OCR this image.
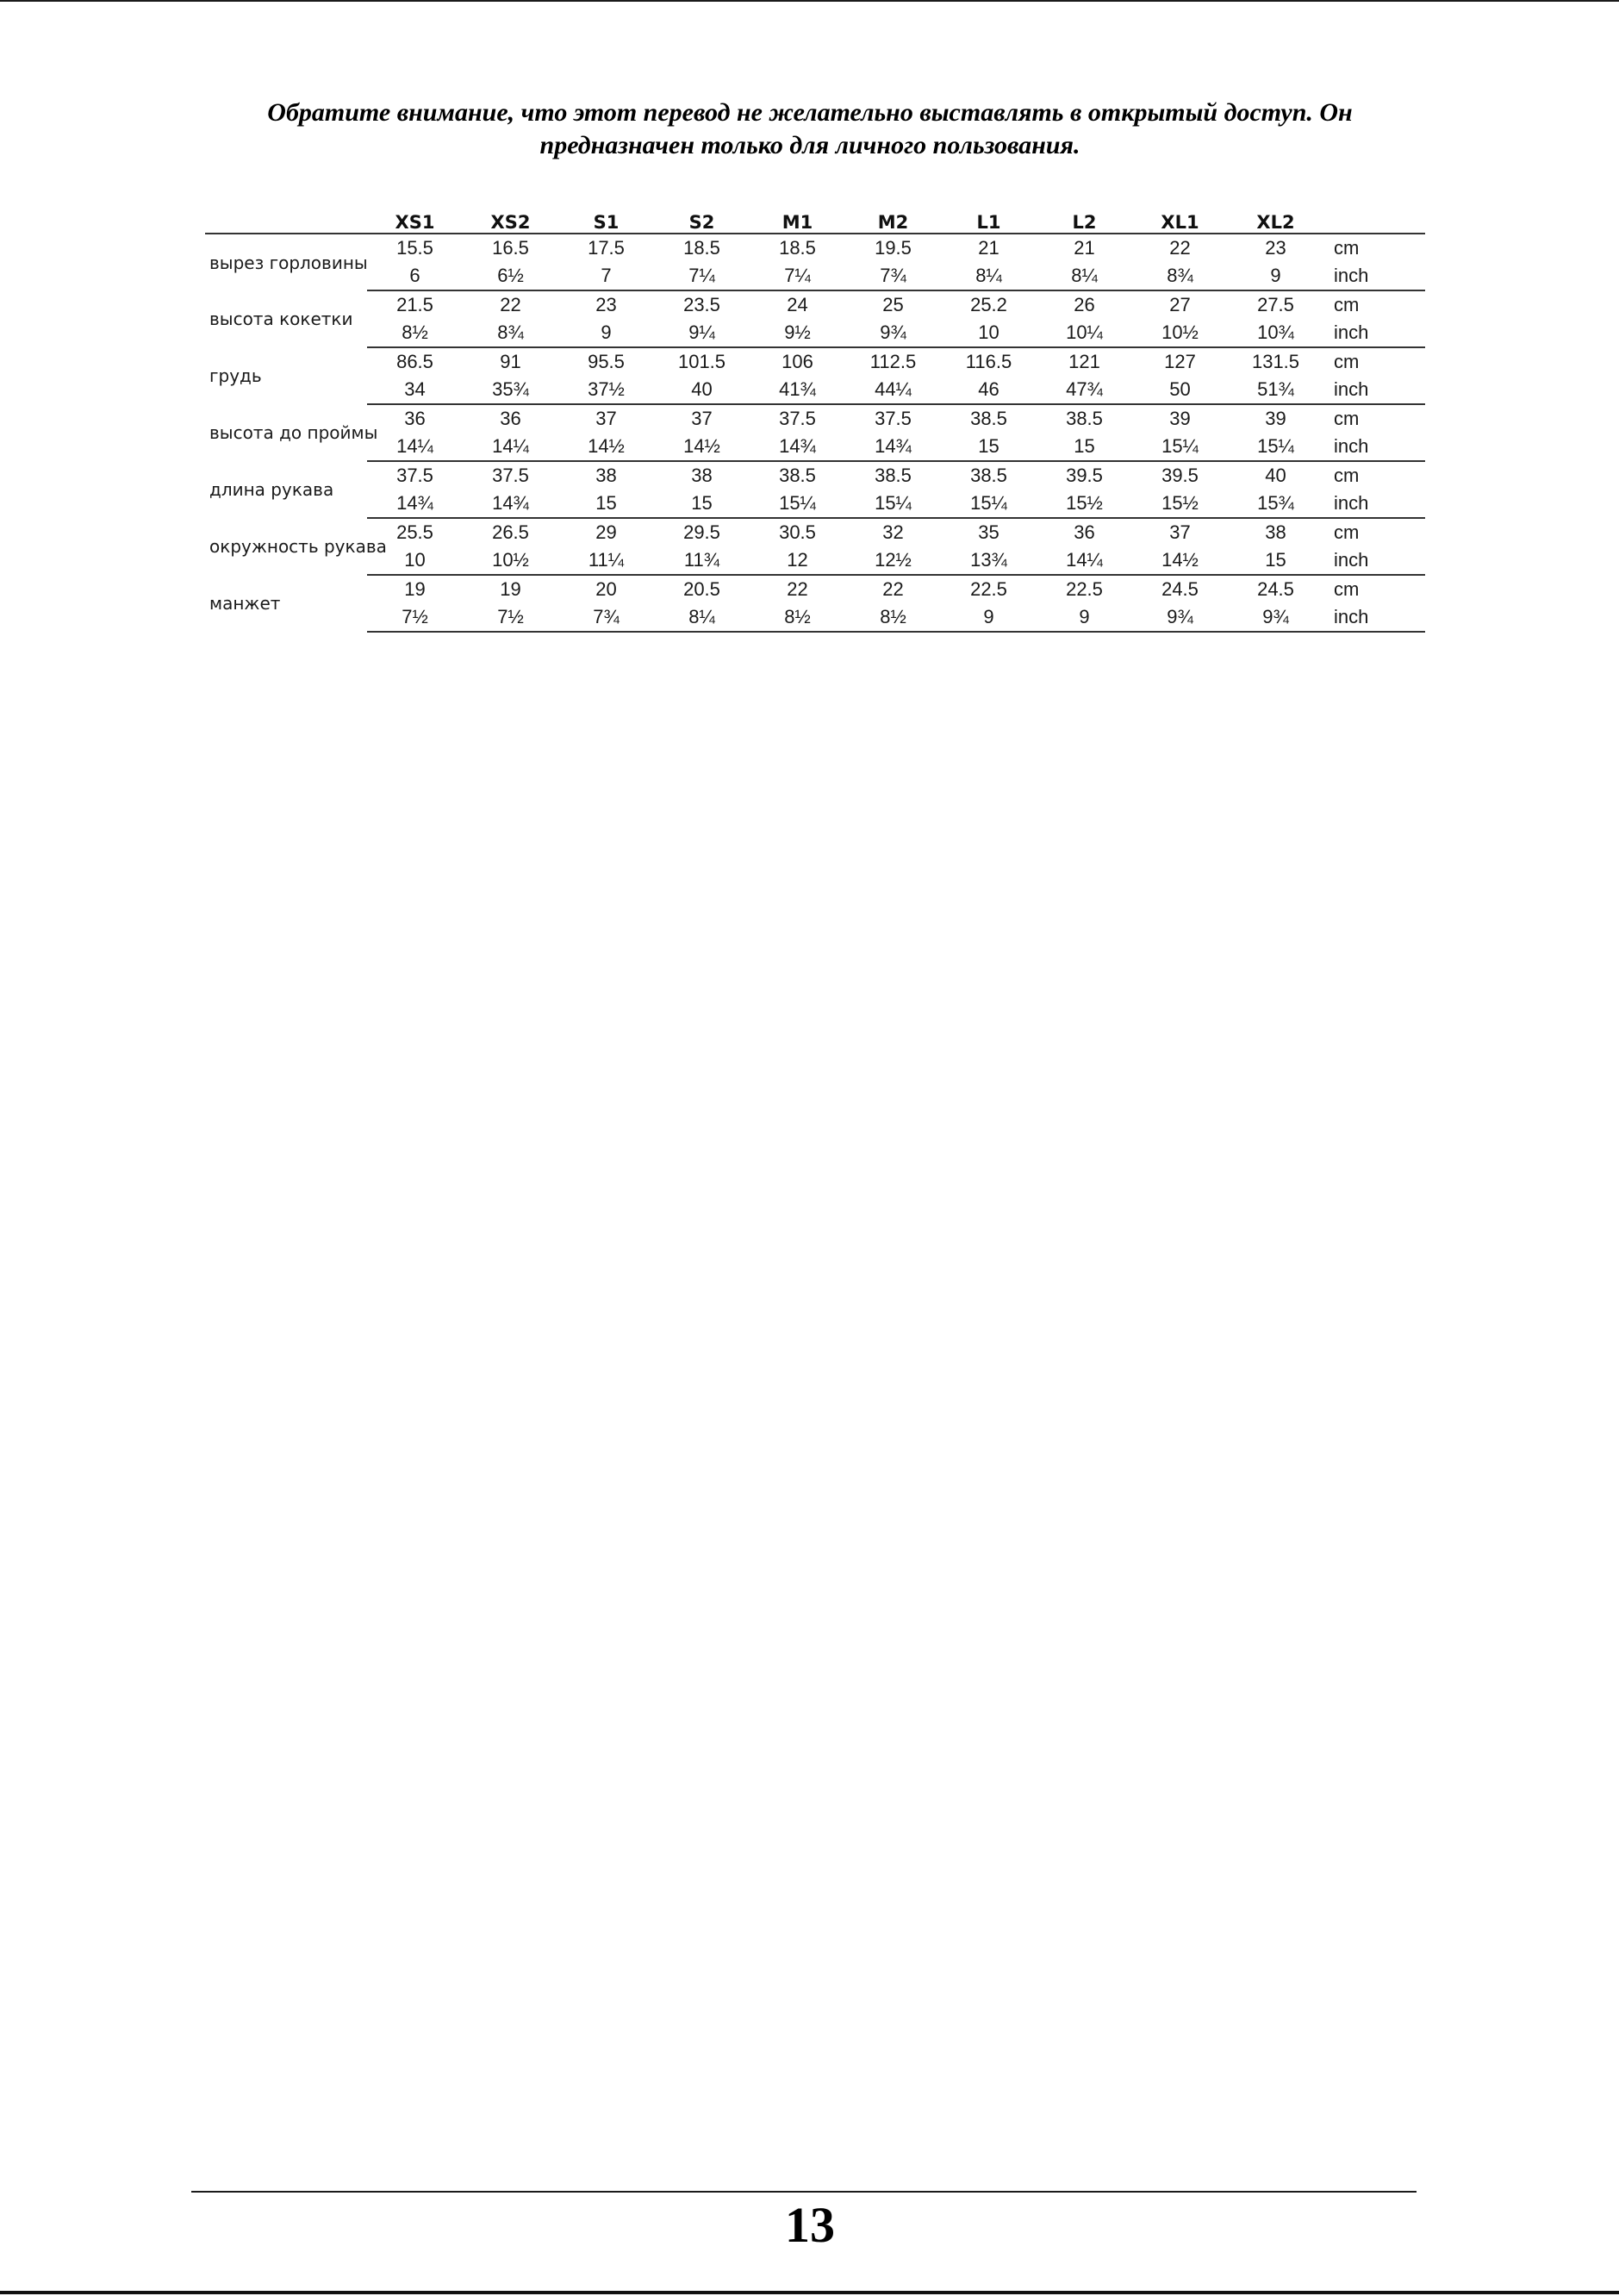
Обратите внимание, что этот перевод не желательно выставлять в открытый доступ. Он
предназначен только для личного пользования.
	XS1	XS2	S1	S2	M1	M2	L1	L2	XL1	XL2	
вырез горловины	15.5	16.5	17.5	18.5	18.5	19.5	21	21	22	23	cm
	6	6½	7	7¼	7¼	7¾	8¼	8¼	8¾	9	inch
высота кокетки	21.5	22	23	23.5	24	25	25.2	26	27	27.5	cm
	8½	8¾	9	9¼	9½	9¾	10	10¼	10½	10¾	inch
грудь	86.5	91	95.5	101.5	106	112.5	116.5	121	127	131.5	cm
	34	35¾	37½	40	41¾	44¼	46	47¾	50	51¾	inch
высота до проймы	36	36	37	37	37.5	37.5	38.5	38.5	39	39	cm
	14¼	14¼	14½	14½	14¾	14¾	15	15	15¼	15¼	inch
длина рукава	37.5	37.5	38	38	38.5	38.5	38.5	39.5	39.5	40	cm
	14¾	14¾	15	15	15¼	15¼	15¼	15½	15½	15¾	inch
окружность рукава	25.5	26.5	29	29.5	30.5	32	35	36	37	38	cm
	10	10½	11¼	11¾	12	12½	13¾	14¼	14½	15	inch
манжет	19	19	20	20.5	22	22	22.5	22.5	24.5	24.5	cm
	7½	7½	7¾	8¼	8½	8½	9	9	9¾	9¾	inch
13
